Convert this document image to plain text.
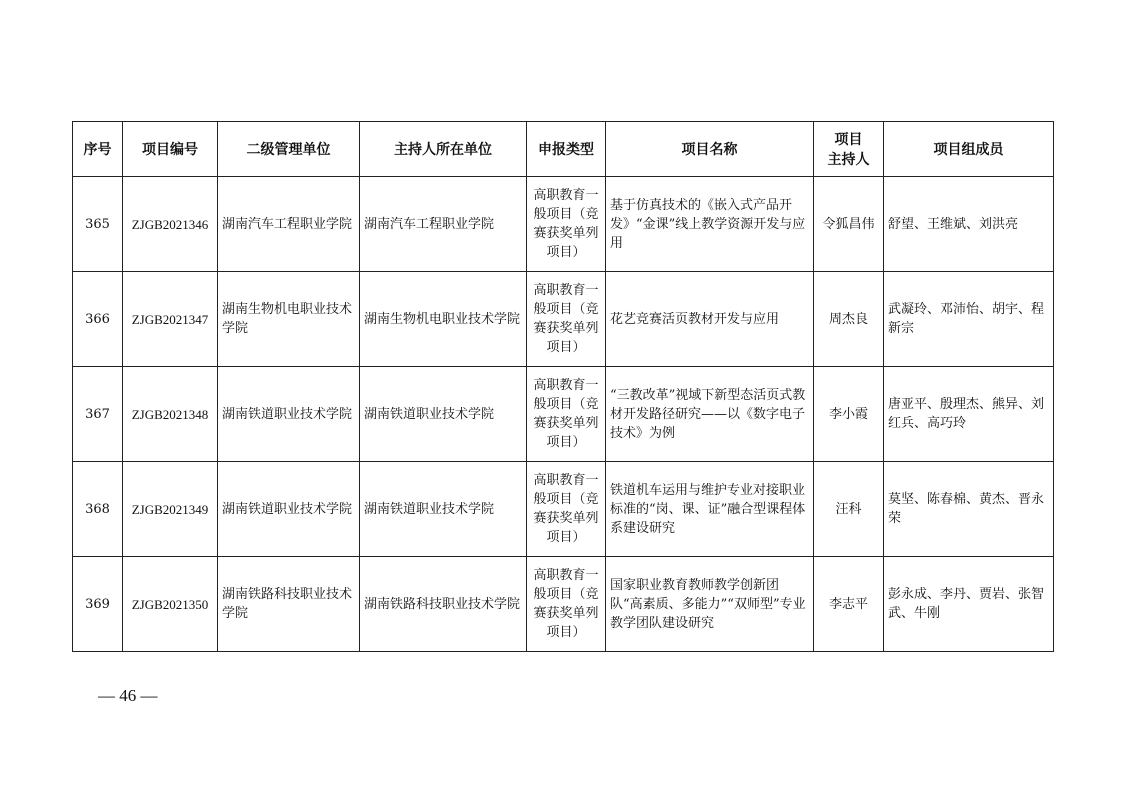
序号	项目编号	二级管理单位	主持人所在单位	申报类型	项目名称	项目
主持人	项目组成员
365	ZJGB2021346	湖南汽车工程职业学院	湖南汽车工程职业学院	高职教育一般项目（竞赛获奖单列项目）	基于仿真技术的《嵌入式产品开发》“金课”线上教学资源开发与应用	令狐昌伟	舒望、王维斌、刘洪亮
366	ZJGB2021347	湖南生物机电职业技术学院	湖南生物机电职业技术学院	高职教育一般项目（竞赛获奖单列项目）	花艺竞赛活页教材开发与应用	周杰良	武凝玲、邓沛怡、胡宇、程新宗
367	ZJGB2021348	湖南铁道职业技术学院	湖南铁道职业技术学院	高职教育一般项目（竞赛获奖单列项目）	“三教改革”视域下新型态活页式教材开发路径研究——以《数字电子技术》为例	李小霞	唐亚平、殷理杰、熊异、刘红兵、高巧玲
368	ZJGB2021349	湖南铁道职业技术学院	湖南铁道职业技术学院	高职教育一般项目（竞赛获奖单列项目）	铁道机车运用与维护专业对接职业标准的“岗、课、证”融合型课程体系建设研究	汪科	莫坚、陈春棉、黄杰、晋永荣
369	ZJGB2021350	湖南铁路科技职业技术学院	湖南铁路科技职业技术学院	高职教育一般项目（竞赛获奖单列项目）	国家职业教育教师教学创新团队“高素质、多能力”“双师型”专业教学团队建设研究	李志平	彭永成、李丹、贾岩、张智武、牛刚
— 46 —
